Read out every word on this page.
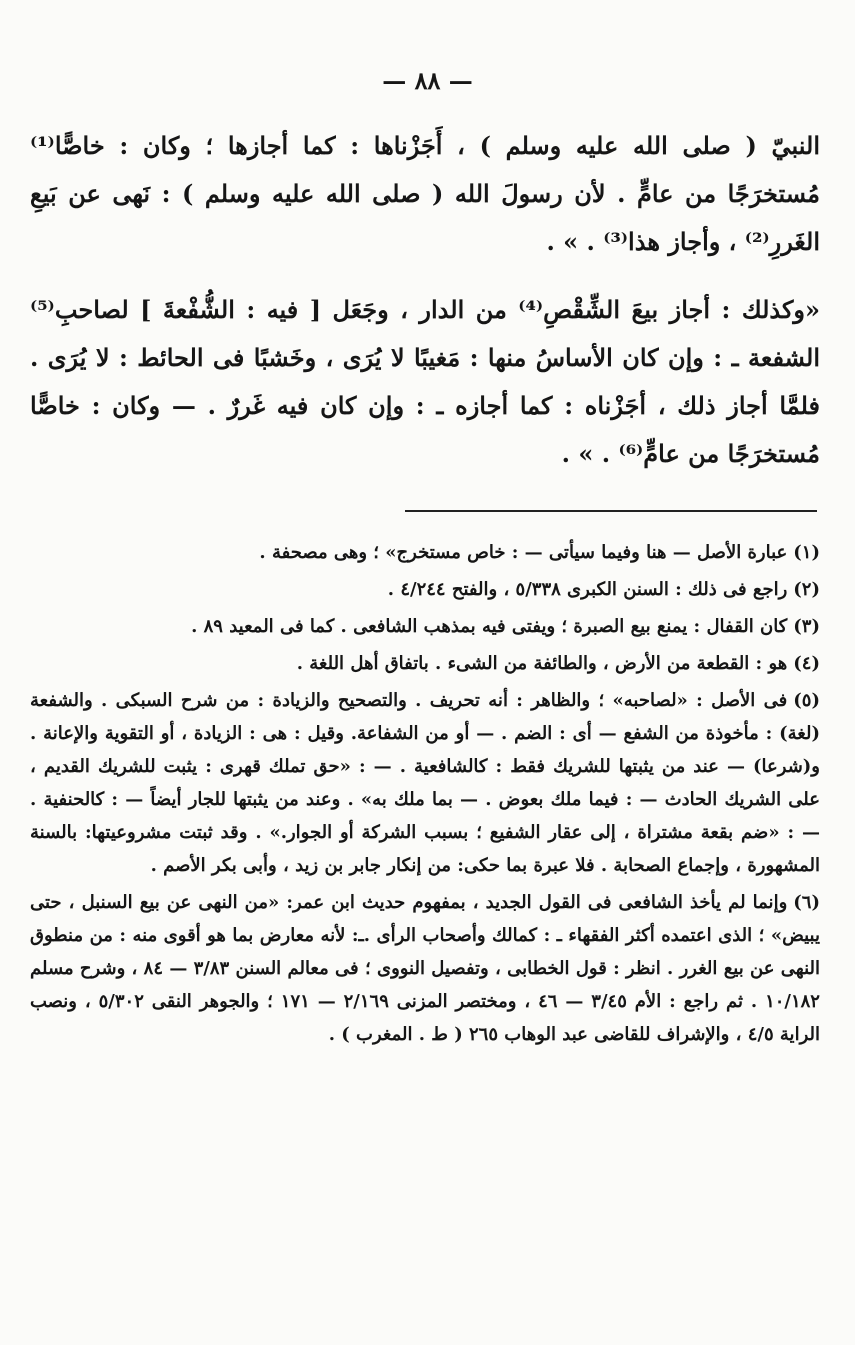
— ٨٨ —

النبيّ ( صلى الله عليه وسلم ) ، أَجَزْناها : كما أجازها ؛ وكان : خاصًّا⁽¹⁾ مُستخرَجًا من عامٍّ . لأن رسولَ الله ( صلى الله عليه وسلم ) : نَهى عن بَيعِ الغَررِ⁽²⁾ ، وأجاز هذا⁽³⁾ . » .

«وكذلك : أجاز بيعَ الشِّقْصِ⁽⁴⁾ من الدار ، وجَعَل [ فيه : الشُّفْعةَ ] لصاحبِ⁽⁵⁾ الشفعة ـ : وإن كان الأساسُ منها : مَغيبًا لا يُرَى ، وخَشبًا فى الحائط : لا يُرَى . فلمَّا أجاز ذلك ، أجَزْناه : كما أجازه ـ : وإن كان فيه غَررٌ . — وكان : خاصًّا مُستخرَجًا من عامٍّ⁽⁶⁾ . » .

(١)عبارة الأصل — هنا وفيما سيأتى — : خاص مستخرج» ؛ وهى مصحفة .

(٢)راجع فى ذلك : السنن الكبرى ٥/٣٣٨ ، والفتح ٤/٢٤٤ .

(٣)كان القفال : يمنع بيع الصبرة ؛ ويفتى فيه بمذهب الشافعى . كما فى المعيد ٨٩ .

(٤)هو : القطعة من الأرض ، والطائفة من الشىء . باتفاق أهل اللغة .

(٥)فى الأصل : «لصاحبه» ؛ والظاهر : أنه تحريف . والتصحيح والزيادة : من شرح السبكى . والشفعة (لغة) : مأخوذة من الشفع — أى : الضم . — أو من الشفاعة. وقيل : هى : الزيادة ، أو التقوية والإعانة . و(شرعا) — عند من يثبتها للشريك فقط : كالشافعية . — : «حق تملك قهرى : يثبت للشريك القديم ، على الشريك الحادث — : فيما ملك بعوض . — بما ملك به» . وعند من يثبتها للجار أيضاً — : كالحنفية . — : «ضم بقعة مشتراة ، إلى عقار الشفيع ؛ بسبب الشركة أو الجوار.» . وقد ثبتت مشروعيتها: بالسنة المشهورة ، وإجماع الصحابة . فلا عبرة بما حكى: من إنكار جابر بن زيد ، وأبى بكر الأصم .

(٦)وإنما لم يأخذ الشافعى فى القول الجديد ، بمفهوم حديث ابن عمر: «من النهى عن بيع السنبل ، حتى يبيض» ؛ الذى اعتمده أكثر الفقهاء ـ : كمالك وأصحاب الرأى .ـ: لأنه معارض بما هو أقوى منه : من منطوق النهى عن بيع الغرر . انظر : قول الخطابى ، وتفصيل النووى ؛ فى معالم السنن ٣/٨٣ — ٨٤ ، وشرح مسلم ١٠/١٨٢ . ثم راجع : الأم ٣/٤٥ — ٤٦ ، ومختصر المزنى ٢/١٦٩ — ١٧١ ؛ والجوهر النقى ٥/٣٠٢ ، ونصب الراية ٤/٥ ، والإشراف للقاضى عبد الوهاب ٢٦٥ ( ط . المغرب ) .
